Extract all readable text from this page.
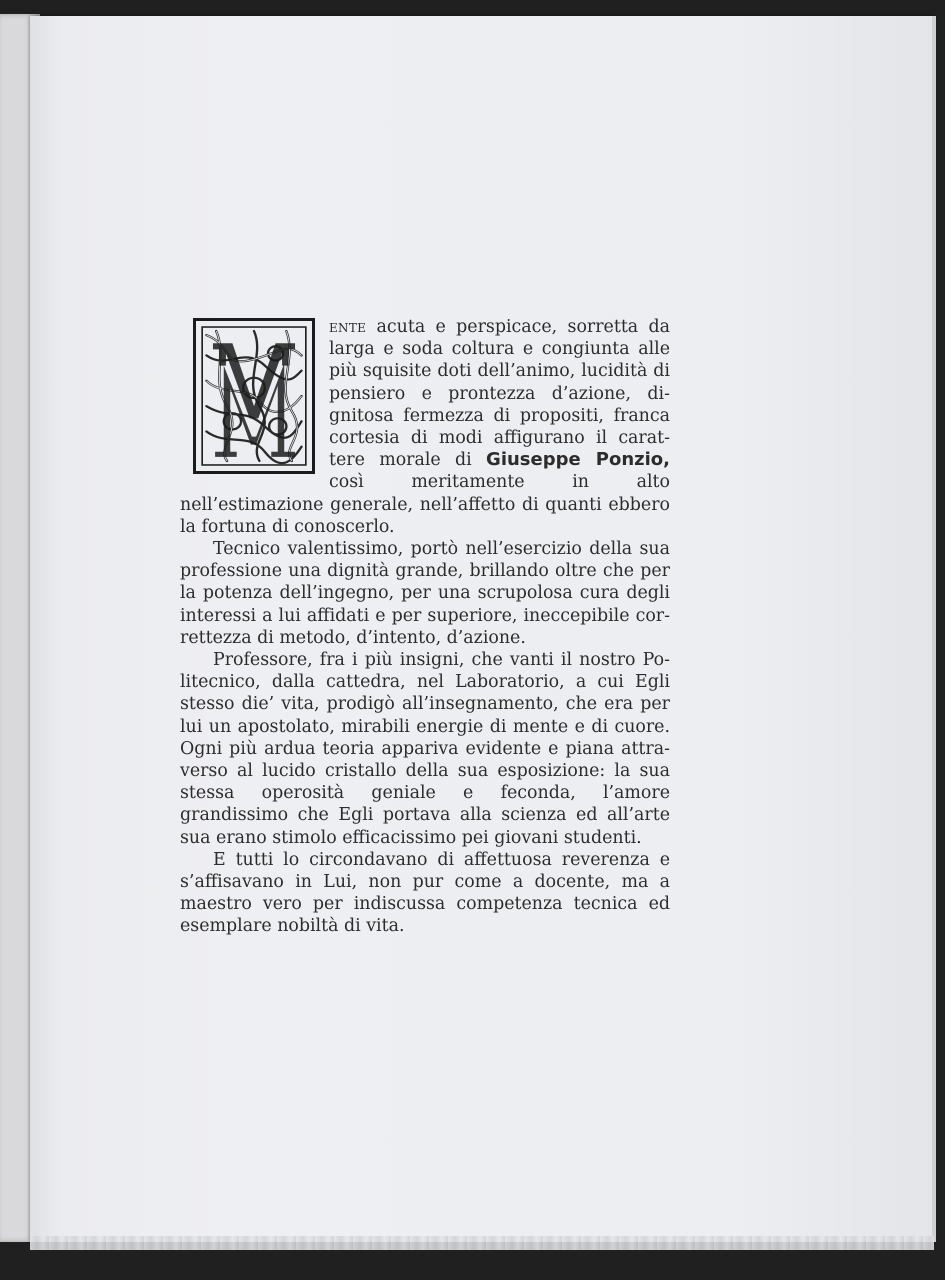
ente acuta e perspicace, sorretta da larga e soda coltura e congiunta alle più squisite doti dell’animo, lucidità di pensiero e prontezza d’azione, dignitosa fermezza di propositi, franca cortesia di modi affigurano il carattere morale di Giuseppe Ponzio, così meritamente in alto nell’estimazione generale, nell’affetto di quanti ebbero la fortuna di conoscerlo.

Tecnico valentissimo, portò nell’esercizio della sua professione una dignità grande, brillando oltre che per la potenza dell’ingegno, per una scrupolosa cura degli interessi a lui affidati e per superiore, ineccepibile correttezza di metodo, d’intento, d’azione.

Professore, fra i più insigni, che vanti il nostro Politecnico, dalla cattedra, nel Laboratorio, a cui Egli stesso die’ vita, prodigò all’insegnamento, che era per lui un apostolato, mirabili energie di mente e di cuore. Ogni più ardua teoria appariva evidente e piana attraverso al lucido cristallo della sua esposizione: la sua stessa operosità geniale e feconda, l’amore grandissimo che Egli portava alla scienza ed all’arte sua erano stimolo efficacissimo pei giovani studenti.

E tutti lo circondavano di affettuosa reverenza e s’affisavano in Lui, non pur come a docente, ma a maestro vero per indiscussa competenza tecnica ed esemplare nobiltà di vita.
